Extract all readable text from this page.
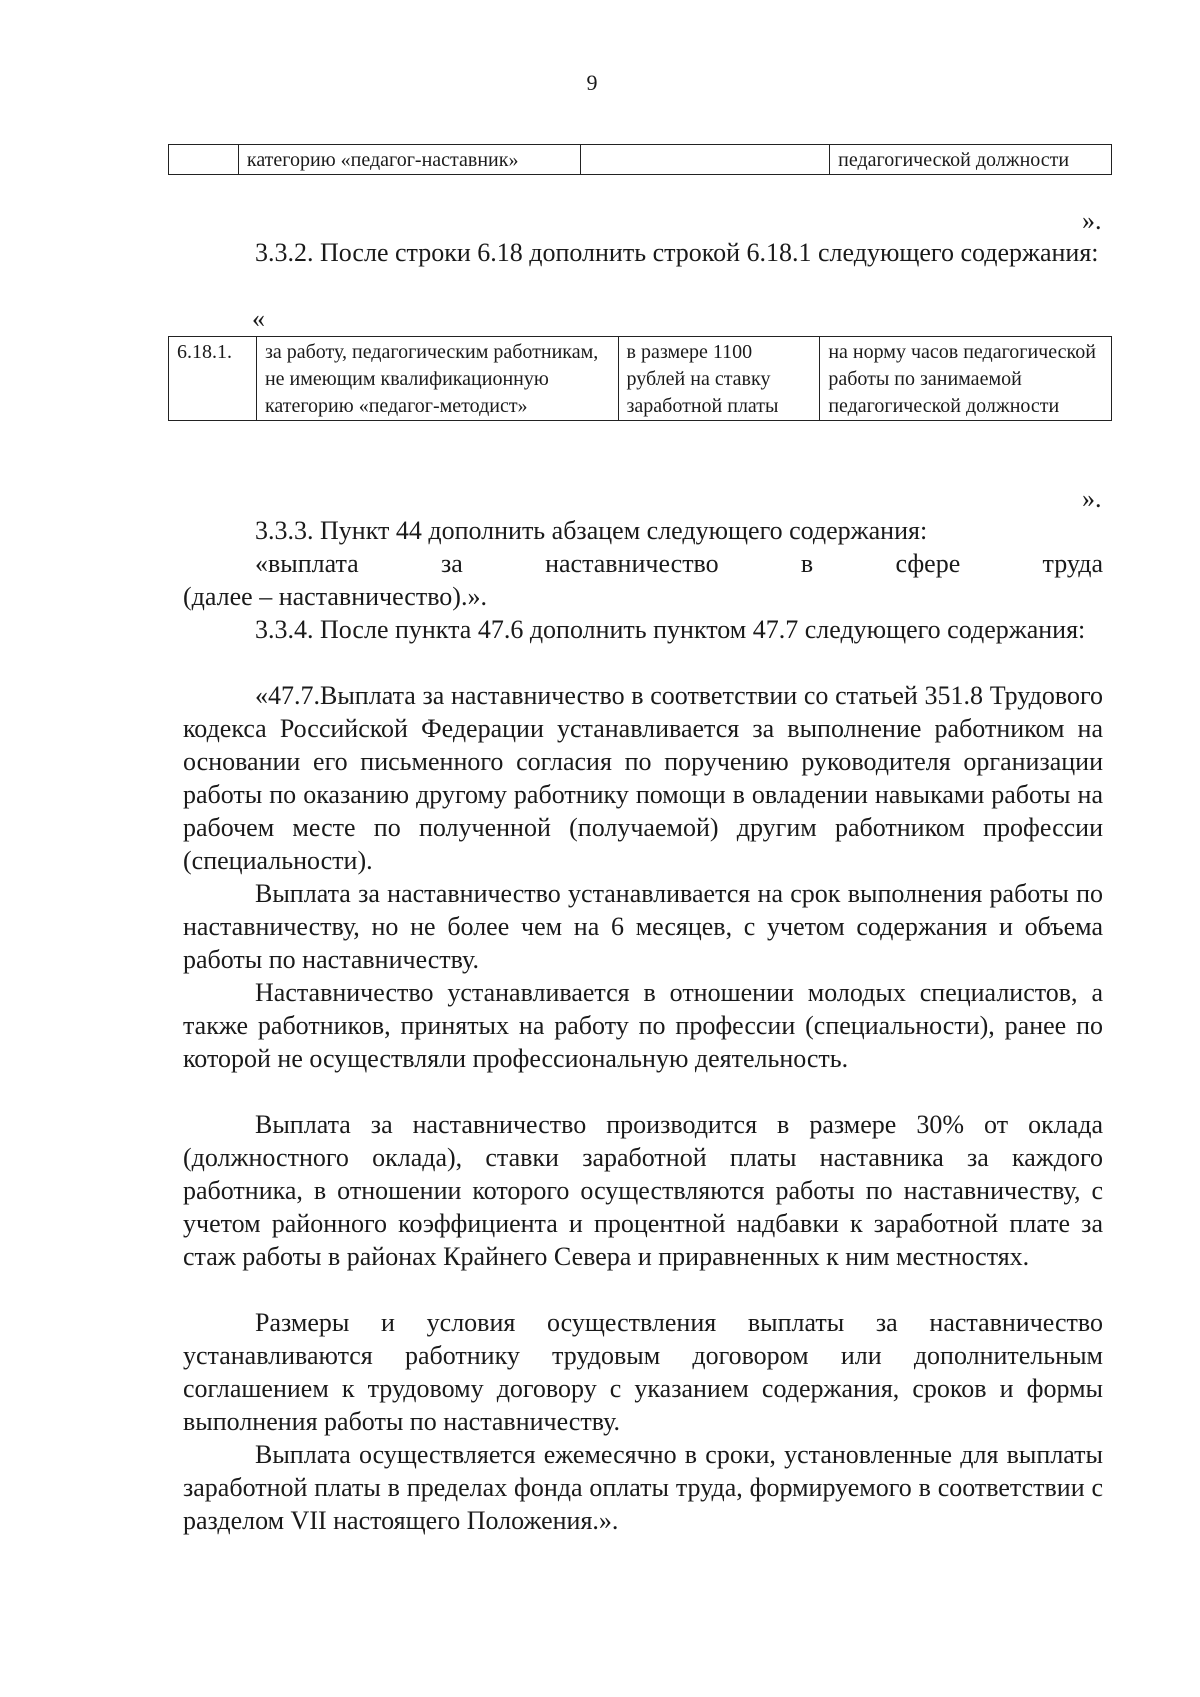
9
	категорию «педагог-наставник»		педагогической должности
».

3.3.2. После строки 6.18 дополнить строкой 6.18.1 следующего содержания:

«
6.18.1.	за работу, педагогическим работникам, не имеющим квалификационную категорию «педагог-методист»	в размере 1100 рублей на ставку заработной платы	на норму часов педагогической работы по занимаемой педагогической должности
».

3.3.3. Пункт 44 дополнить абзацем следующего содержания:

«выплата за наставничество в сфере труда

(далее – наставничество).».

3.3.4. После пункта 47.6 дополнить пунктом 47.7 следующего содержания:

«47.7.Выплата за наставничество в соответствии со статьей 351.8 Трудового кодекса Российской Федерации устанавливается за выполнение работником на основании его письменного согласия по поручению руководителя организации работы по оказанию другому работнику помощи в овладении навыками работы на рабочем месте по полученной (получаемой) другим работником профессии (специальности).

Выплата за наставничество устанавливается на срок выполнения работы по наставничеству, но не более чем на 6 месяцев, с учетом содержания и объема работы по наставничеству.

Наставничество устанавливается в отношении молодых специалистов, а также работников, принятых на работу по профессии (специальности), ранее по которой не осуществляли профессиональную деятельность.

Выплата за наставничество производится в размере 30% от оклада (должностного оклада), ставки заработной платы наставника за каждого работника, в отношении которого осуществляются работы по наставничеству, с учетом районного коэффициента и процентной надбавки к заработной плате за стаж работы в районах Крайнего Севера и приравненных к ним местностях.

Размеры и условия осуществления выплаты за наставничество устанавливаются работнику трудовым договором или дополнительным соглашением к трудовому договору с указанием содержания, сроков и формы выполнения работы по наставничеству.

Выплата осуществляется ежемесячно в сроки, установленные для выплаты заработной платы в пределах фонда оплаты труда, формируемого в соответствии с разделом VII настоящего Положения.».
